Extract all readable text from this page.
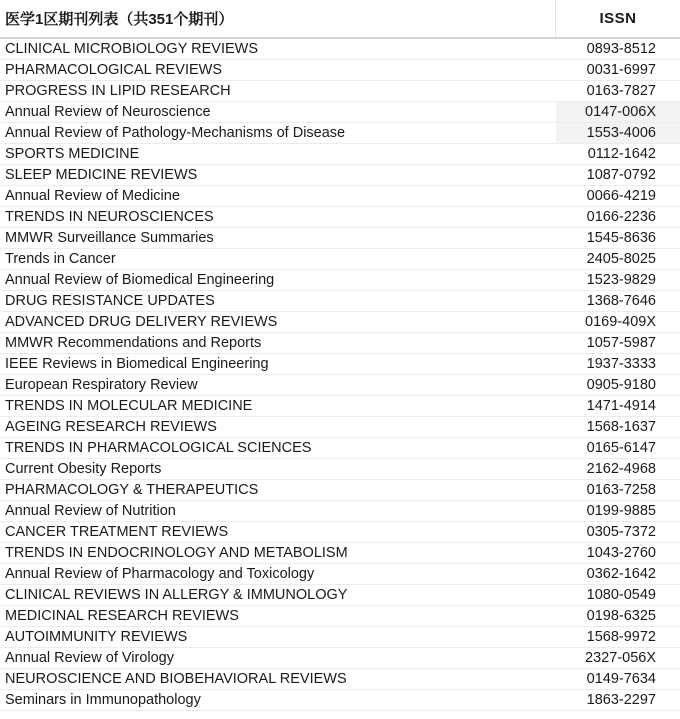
医学1区期刊列表（共351个期刊）	ISSN
CLINICAL MICROBIOLOGY REVIEWS	0893-8512
PHARMACOLOGICAL REVIEWS	0031-6997
PROGRESS IN LIPID RESEARCH	0163-7827
Annual Review of Neuroscience	0147-006X
Annual Review of Pathology-Mechanisms of Disease	1553-4006
SPORTS MEDICINE	0112-1642
SLEEP MEDICINE REVIEWS	1087-0792
Annual Review of Medicine	0066-4219
TRENDS IN NEUROSCIENCES	0166-2236
MMWR Surveillance Summaries	1545-8636
Trends in Cancer	2405-8025
Annual Review of Biomedical Engineering	1523-9829
DRUG RESISTANCE UPDATES	1368-7646
ADVANCED DRUG DELIVERY REVIEWS	0169-409X
MMWR Recommendations and Reports	1057-5987
IEEE Reviews in Biomedical Engineering	1937-3333
European Respiratory Review	0905-9180
TRENDS IN MOLECULAR MEDICINE	1471-4914
AGEING RESEARCH REVIEWS	1568-1637
TRENDS IN PHARMACOLOGICAL SCIENCES	0165-6147
Current Obesity Reports	2162-4968
PHARMACOLOGY & THERAPEUTICS	0163-7258
Annual Review of Nutrition	0199-9885
CANCER TREATMENT REVIEWS	0305-7372
TRENDS IN ENDOCRINOLOGY AND METABOLISM	1043-2760
Annual Review of Pharmacology and Toxicology	0362-1642
CLINICAL REVIEWS IN ALLERGY & IMMUNOLOGY	1080-0549
MEDICINAL RESEARCH REVIEWS	0198-6325
AUTOIMMUNITY REVIEWS	1568-9972
Annual Review of Virology	2327-056X
NEUROSCIENCE AND BIOBEHAVIORAL REVIEWS	0149-7634
Seminars in Immunopathology	1863-2297
